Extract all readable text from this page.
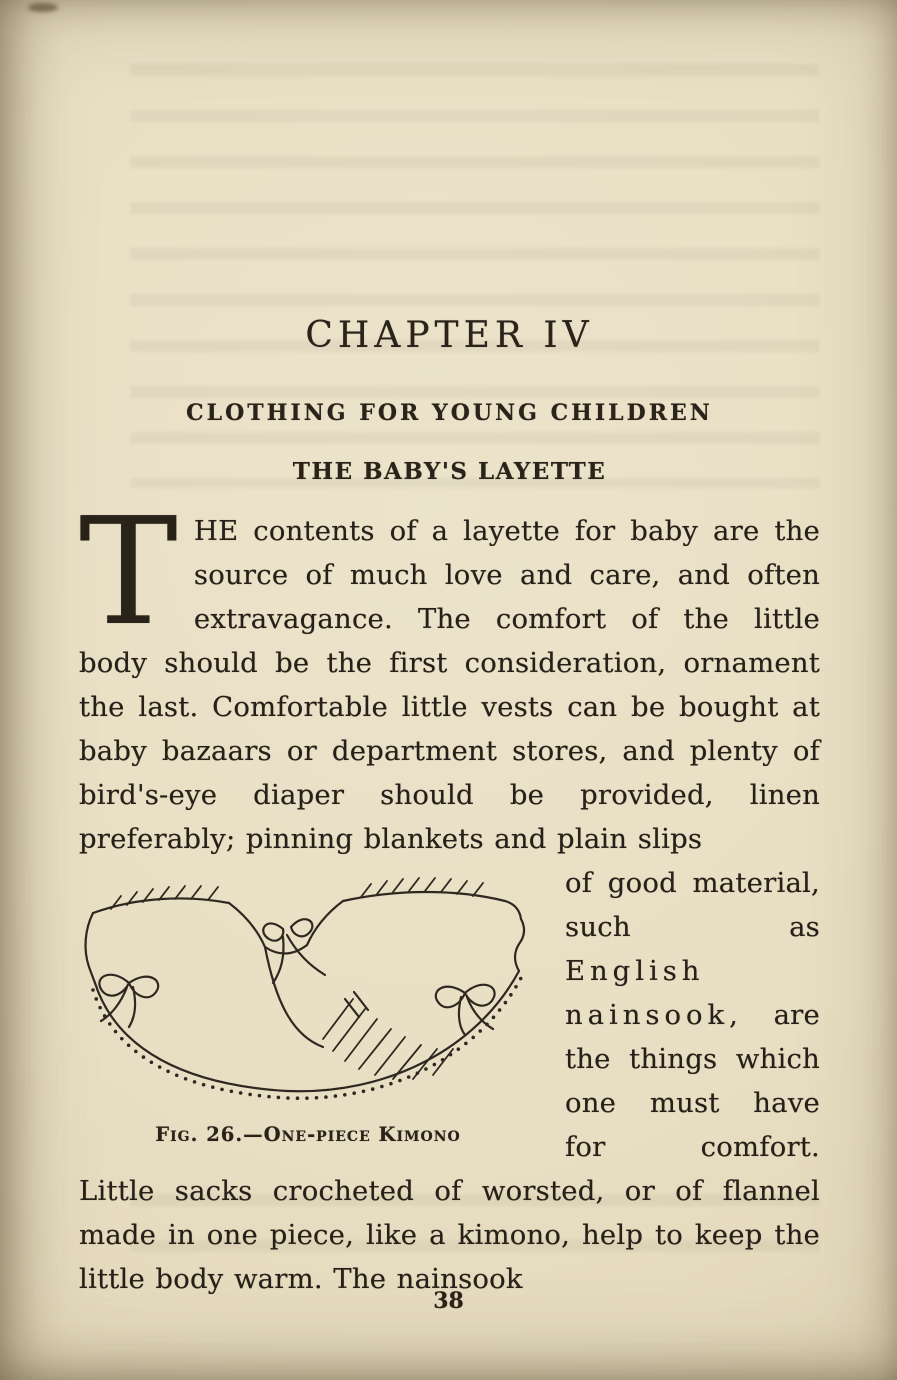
CHAPTER IV
CLOTHING FOR YOUNG CHILDREN
THE BABY'S LAYETTE

THE contents of a layette for baby are the source of much love and care, and often extravagance. The comfort of the little body should be the first consideration, ornament the last. Comfortable little vests can be bought at baby bazaars or department stores, and plenty of bird's-eye diaper should be provided, linen preferably; pinning blankets and plain slips

Fig. 26.—One-piece Kimono

of good material, such as English nainsook, are the things which one must have for comfort. Little sacks crocheted of worsted, or of flannel made in one piece, like a kimono, help to keep the little body warm. The nainsook

38
